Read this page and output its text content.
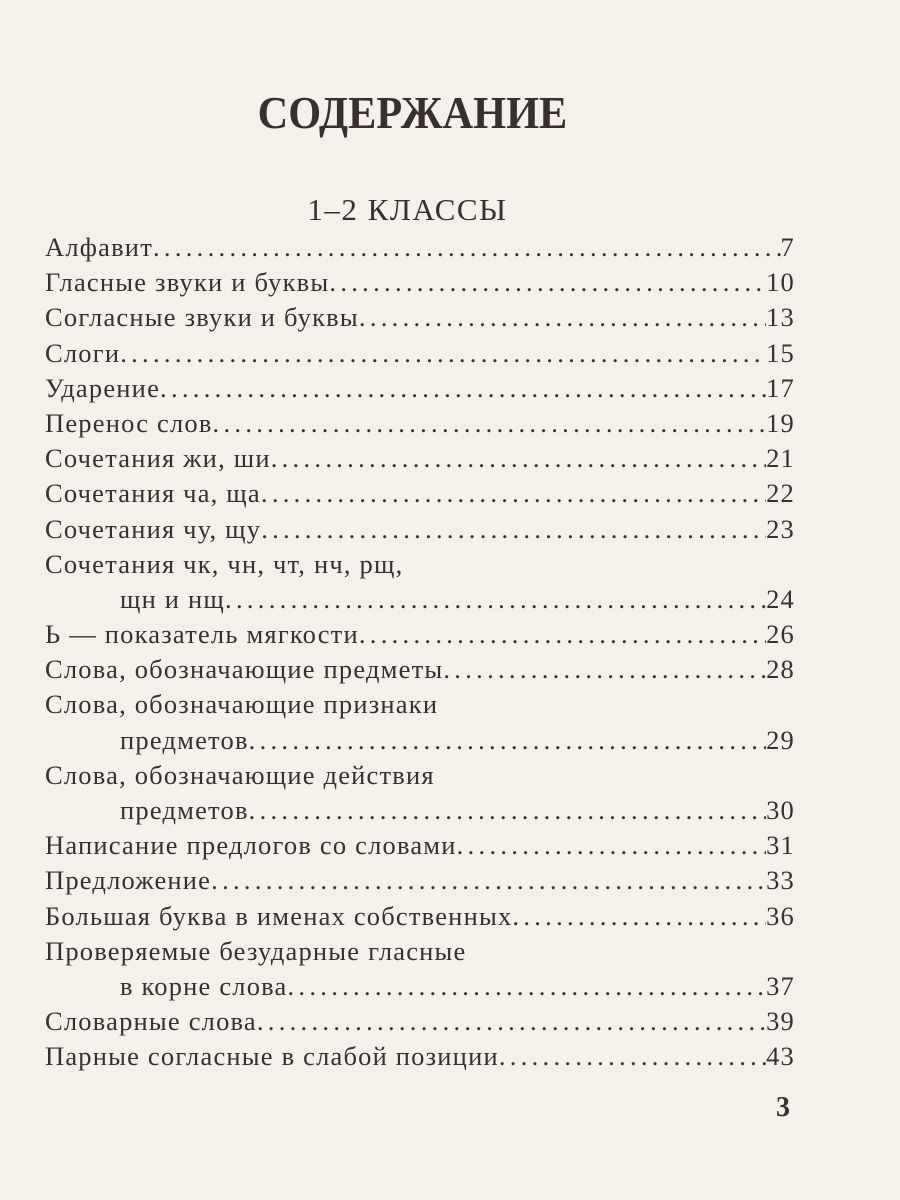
СОДЕРЖАНИЕ
1–2 КЛАССЫ
Алфавит .....	7
Гласные звуки и буквы .....	10
Согласные звуки и буквы .....	13
Слоги .....	15
Ударение .....	17
Перенос слов .....	19
Сочетания жи, ши .....	21
Сочетания ча, ща .....	22
Сочетания чу, щу .....	23
Сочетания чк, чн, чт, нч, рщ,
щн и нщ .....	24
Ь — показатель мягкости .....	26
Слова, обозначающие предметы .....	28
Слова, обозначающие признаки
предметов .....	29
Слова, обозначающие действия
предметов .....	30
Написание предлогов со словами .....	31
Предложение .....	33
Большая буква в именах собственных .....	36
Проверяемые безударные гласные
в корне слова .....	37
Словарные слова .....	39
Парные согласные в слабой позиции .....	43
3
